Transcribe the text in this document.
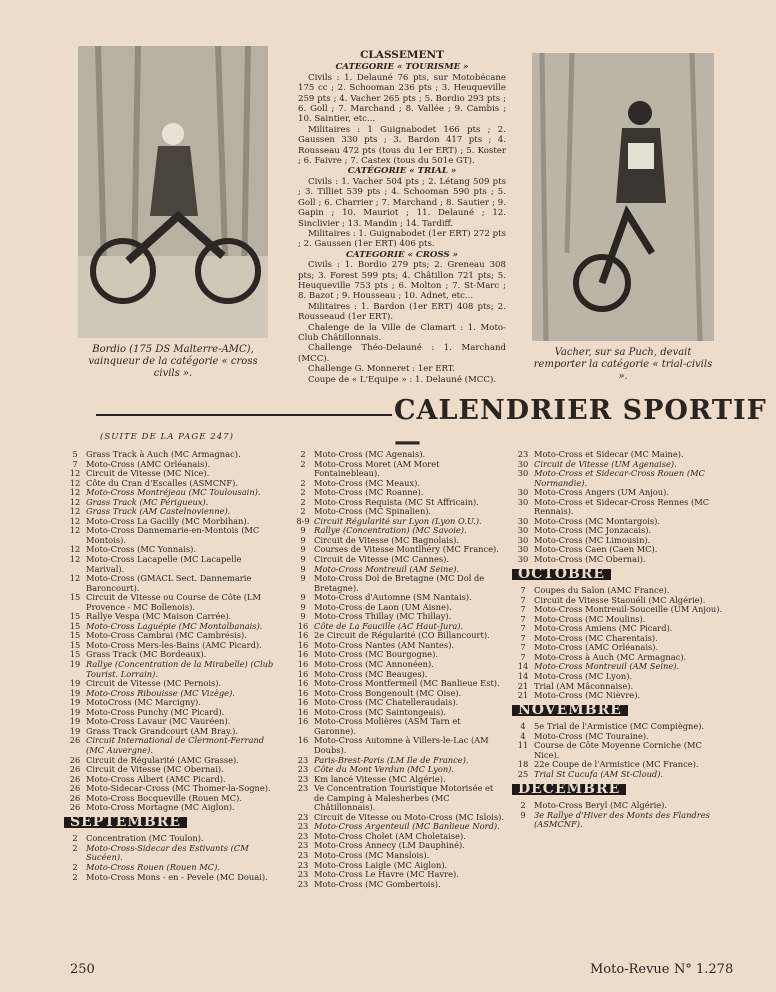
Bordio (175 DS Malterre-AMC), vainqueur de la catégorie « cross civils ».
Vacher, sur sa Puch, devait remporter la catégorie « trial-civils ».
CLASSEMENT
CATEGORIE « TOURISME »

Civils : 1. Delauné 76 pts, sur Motobécane 175 cc ; 2. Schooman 236 pts ; 3. Heuqueville 259 pts ; 4. Vacher 265 pts ; 5. Bordio 293 pts ; 6. Goll ; 7. Marchand ; 8. Vallée ; 9. Cambis ; 10. Saintier, etc...

Militaires : 1 Guignabodet 166 pts ; 2. Gaussen 330 pts ; 3. Bardon 417 pts ; 4. Rousseau 472 pts (tous du 1er ERT) ; 5. Koster ; 6. Faivre ; 7. Castex (tous du 501e GT).

CATÉGORIE « TRIAL »

Civils : 1. Vacher 504 pts ; 2. Létang 509 pts ; 3. Tilliet 539 pts ; 4. Schooman 590 pts ; 5. Goll ; 6. Charrier ; 7. Marchand ; 8. Sautier ; 9. Gapin ; 10. Mauriot ; 11. Delauné ; 12. Sinclivier ; 13. Mandin ; 14. Tardiff.

Militaires : 1. Guignabodet (1er ERT) 272 pts ; 2. Gaussen (1er ERT) 406 pts.

CATEGORIE « CROSS »

Civils : 1. Bordio 279 pts; 2. Greneau 308 pts; 3. Forest 599 pts; 4. Châtillon 721 pts; 5. Heuqueville 753 pts ; 6. Molton ; 7. St-Marc ; 8. Bazot ; 9. Housseau ; 10. Adnet, etc...

Militaires : 1. Bardon (1er ERT) 408 pts; 2. Rousseaud (1er ERT).

Chalenge de la Ville de Clamart : 1. Moto-Club Châtillonnais.

Challenge Théo-Delauné : 1. Marchand (MCC).

Challenge G. Monneret : 1er ERT.

Coupe de « L'Equipe » : 1. Delauné (MCC).

CALENDRIER SPORTIF—
(SUITE DE LA PAGE 247)
5	Grass Track à Auch (MC Armagnac).
7	Moto-Cross (AMC Orléanais).
12 Circuit de Vitesse (MC Nice).
12 Côte du Cran d'Escalles (ASMCNF).
12 Moto-Cross Montréjeau (MC Toulousain).
12 Grass Track (MC Périgueux).
12 Grass Track (AM Castelnovienne).
12 Moto-Cross La Gacilly (MC Morbihan).
12 Moto-Cross Dannemarie-en-Montois (MC Montois).
12 Moto-Cross (MC Yonnais).
12 Moto-Cross Lacapelle (MC Lacapelle Marival).
12 Moto-Cross (GMACL Sect. Dannemarie Baroncourt).
15 Circuit de Vitesse ou Course de Côte (LM Provence - MC Bollenois).
15 Rallye Vespa (MC Maison Carrée).
15 Moto-Cross Laguépie (MC Montalbanais).
15 Moto-Cross Cambrai (MC Cambrésis).
15 Moto-Cross Mers-les-Bains (AMC Picard).
15 Grass Track (MC Bordeaux).
19 Rallye (Concentration de la Mirabelle) (Club Tourist. Lorrain).
19 Circuit de Vitesse (MC Pernois).
19 Moto-Cross Ribouisse (MC Vizège).
19 MotoCross (MC Marcigny).
19 Moto-Cross Punchy (MC Picard).
19 Moto-Cross Lavaur (MC Vauréen).
19 Grass Track Grandcourt (AM Bray.).
26 Circuit International de Clermont-Ferrand (MC Auvergne).
26 Circuit de Régularité (AMC Grasse).
26 Circuit de Vitesse (MC Obernai).
26 Moto-Cross Albert (AMC Picard).
26 Moto-Sidecar-Cross (MC Thomer-la-Sogne).
26 Moto-Cross Bocqueville (Rouen MC).
26 Moto-Cross Mortagne (MC Aiglon).
SEPTEMBRE
2	Concentration (MC Toulon).
2	Moto-Cross-Sidecar des Estivants (CM Sucéen).
2	Moto-Cross Rouen (Rouen MC).
2	Moto-Cross Mons - en - Pevele (MC Douai).
2	Moto-Cross (MC Agenais).
2	Moto-Cross Moret (AM Moret Fontainebleau).
2	Moto-Cross (MC Meaux).
2	Moto-Cross (MC Roanne).
2	Moto-Cross Requista (MC St Affricain).
2	Moto-Cross (MC Spinalien).
8-9 Circuit Régularité sur Lyon (Lyon O.U.).
9	Rallye (Concentration) (MC Savoie).
9	Circuit de Vitesse (MC Bagnolais).
9	Courses de Vitesse Montlhéry (MC France).
9	Circuit de Vitesse (MC Cannes).
9	Moto-Cross Montreuil (AM Seine).
9	Moto-Cross Dol de Bretagne (MC Dol de Bretagne).
9	Moto-Cross d'Automne (SM Nantais).
9	Moto-Cross de Laon (UM Aisne).
9	Moto-Cross Thillay (MC Thillay).
16 Côte de La Faucille (AC Haut-Jura).
16 2e Circuit de Régularité (CO Billancourt).
16 Moto-Cross Nantes (AM Nantes).
16 Moto-Cross (MC Bourgogne).
16 Moto-Cross (MC Annonéen).
16 Moto-Cross (MC Beauges).
16 Moto-Cross Montfermeil (MC Banlieue Est).
16 Moto-Cross Bongenoult (MC Oise).
16 Moto-Cross (MC Chatelleraudais).
16 Moto-Cross (MC Saintongeais).
16 Moto-Cross Molières (ASM Tarn et Garonne).
16 Moto-Cross Automne à Villers-le-Lac (AM Doubs).
23 Paris-Brest-Paris (LM Ile de France).
23 Côte du Mont Verdun (MC Lyon).
23 Km lancé Vitesse (MC Algérie).
23 Ve Concentration Touristique Motorisée et de Camping à Malesherbes (MC Châtillonnais).
23 Circuit de Vitesse ou Moto-Cross (MC Islois).
23 Moto-Cross Argenteuil (MC Banlieue Nord).
23 Moto-Cross Cholet (AM Choletaise).
23 Moto-Cross Annecy (LM Dauphiné).
23 Moto-Cross (MC Manslois).
23 Moto-Cross Laigle (MC Aiglon).
23 Moto-Cross Le Havre (MC Havre).
23 Moto-Cross (MC Gombertois).
23 Moto-Cross et Sidecar (MC Maine).
30 Circuit de Vitesse (UM Agenaise).
30 Moto-Cross et Sidecar-Cross Rouen (MC Normandie).
30 Moto-Cross Angers (UM Anjou).
30 Moto-Cross et Sidecar-Cross Rennes (MC Rennais).
30 Moto-Cross (MC Montargois).
30 Moto-Cross (MC Jonzacais).
30 Moto-Cross (MC Limousin).
30 Moto-Cross Caen (Caen MC).
30 Moto-Cross (MC Obernai).
OCTOBRE
7	Coupes du Salon (AMC France).
7	Circuit de Vitesse Staouéli (MC Algérie).
7	Moto-Cross Montreuil-Souceille (UM Anjou).
7	Moto-Cross (MC Moulins).
7	Moto-Cross Amiens (MC Picard).
7	Moto-Cross (MC Charentais).
7	Moto-Cross (AMC Orléanais).
7	Moto-Cross à Auch (MC Armagnac).
14 Moto-Cross Montreuil (AM Seine).
14 Moto-Cross (MC Lyon).
21 Trial (AM Mâconnaise).
21 Moto-Cross (MC Nièvre).
NOVEMBRE
4	5e Trial de l'Armistice (MC Compiègne).
4	Moto-Cross (MC Touraine).
11 Course de Côte Moyenne Corniche (MC Nice).
18 22e Coupe de l'Armistice (MC France).
25 Trial St Cucufa (AM St-Cloud).
DECEMBRE
2	Moto-Cross Beryl (MC Algérie).
9	3e Rallye d'Hiver des Monts des Flandres (ASMCNF).
250	Moto-Revue N° 1.278
